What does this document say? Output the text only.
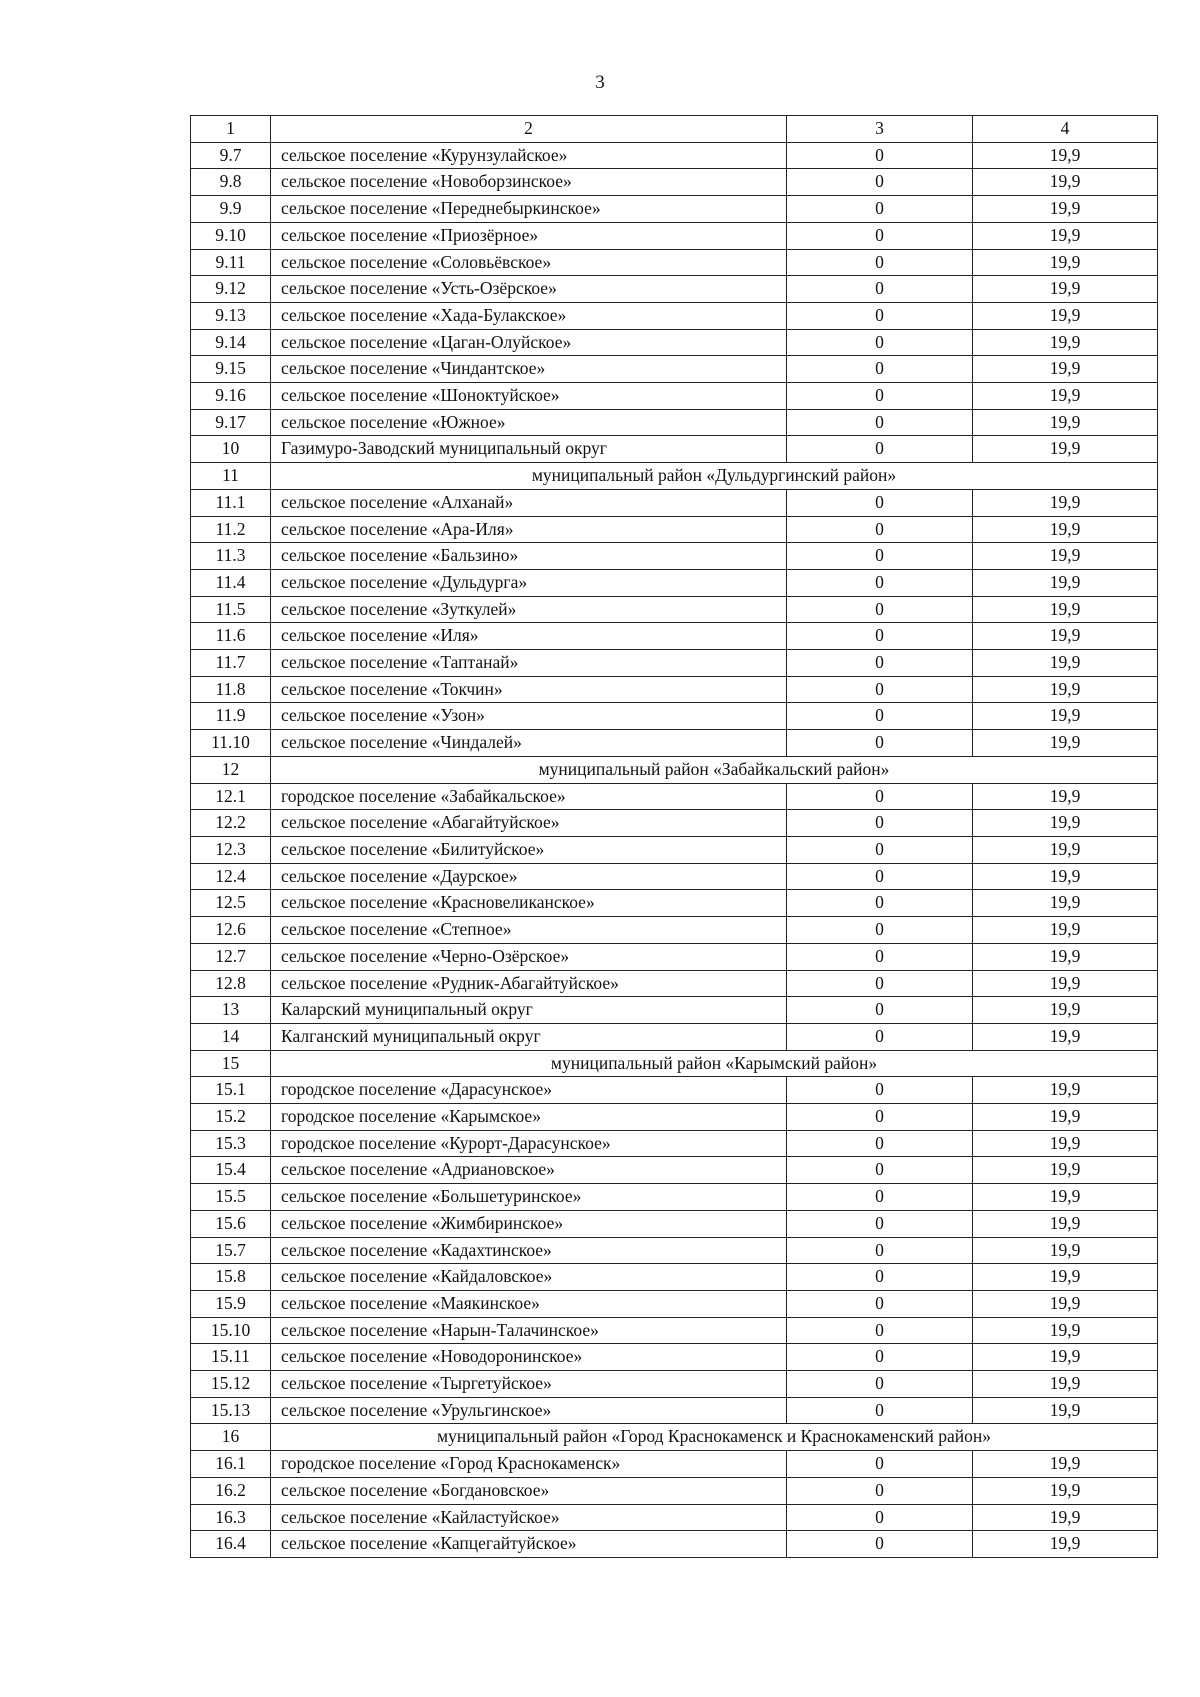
3
1	2	3	4
9.7	сельское поселение «Курунзулайское»	0	19,9
9.8	сельское поселение «Новоборзинское»	0	19,9
9.9	сельское поселение «Переднебыркинское»	0	19,9
9.10	сельское поселение «Приозёрное»	0	19,9
9.11	сельское поселение «Соловьёвское»	0	19,9
9.12	сельское поселение «Усть-Озёрское»	0	19,9
9.13	сельское поселение «Хада-Булакское»	0	19,9
9.14	сельское поселение «Цаган-Олуйское»	0	19,9
9.15	сельское поселение «Чиндантское»	0	19,9
9.16	сельское поселение «Шоноктуйское»	0	19,9
9.17	сельское поселение «Южное»	0	19,9
10	Газимуро-Заводский муниципальный округ	0	19,9
11	муниципальный район «Дульдургинский район»		
11.1	сельское поселение «Алханай»	0	19,9
11.2	сельское поселение «Ара-Иля»	0	19,9
11.3	сельское поселение «Бальзино»	0	19,9
11.4	сельское поселение «Дульдурга»	0	19,9
11.5	сельское поселение «Зуткулей»	0	19,9
11.6	сельское поселение «Иля»	0	19,9
11.7	сельское поселение «Таптанай»	0	19,9
11.8	сельское поселение «Токчин»	0	19,9
11.9	сельское поселение «Узон»	0	19,9
11.10	сельское поселение «Чиндалей»	0	19,9
12	муниципальный район «Забайкальский район»		
12.1	городское поселение «Забайкальское»	0	19,9
12.2	сельское поселение «Абагайтуйское»	0	19,9
12.3	сельское поселение «Билитуйское»	0	19,9
12.4	сельское поселение «Даурское»	0	19,9
12.5	сельское поселение «Красновеликанское»	0	19,9
12.6	сельское поселение «Степное»	0	19,9
12.7	сельское поселение «Черно-Озёрское»	0	19,9
12.8	сельское поселение «Рудник-Абагайтуйское»	0	19,9
13	Каларский муниципальный округ	0	19,9
14	Калганский муниципальный округ	0	19,9
15	муниципальный район «Карымский район»		
15.1	городское поселение «Дарасунское»	0	19,9
15.2	городское поселение «Карымское»	0	19,9
15.3	городское поселение «Курорт-Дарасунское»	0	19,9
15.4	сельское поселение «Адриановское»	0	19,9
15.5	сельское поселение «Большетуринское»	0	19,9
15.6	сельское поселение «Жимбиринское»	0	19,9
15.7	сельское поселение «Кадахтинское»	0	19,9
15.8	сельское поселение «Кайдаловское»	0	19,9
15.9	сельское поселение «Маякинское»	0	19,9
15.10	сельское поселение «Нарын-Талачинское»	0	19,9
15.11	сельское поселение «Новодоронинское»	0	19,9
15.12	сельское поселение «Тыргетуйское»	0	19,9
15.13	сельское поселение «Урульгинское»	0	19,9
16	муниципальный район «Город Краснокаменск и Краснокаменский район»		
16.1	городское поселение «Город Краснокаменск»	0	19,9
16.2	сельское поселение «Богдановское»	0	19,9
16.3	сельское поселение «Кайластуйское»	0	19,9
16.4	сельское поселение «Капцегайтуйское»	0	19,9
